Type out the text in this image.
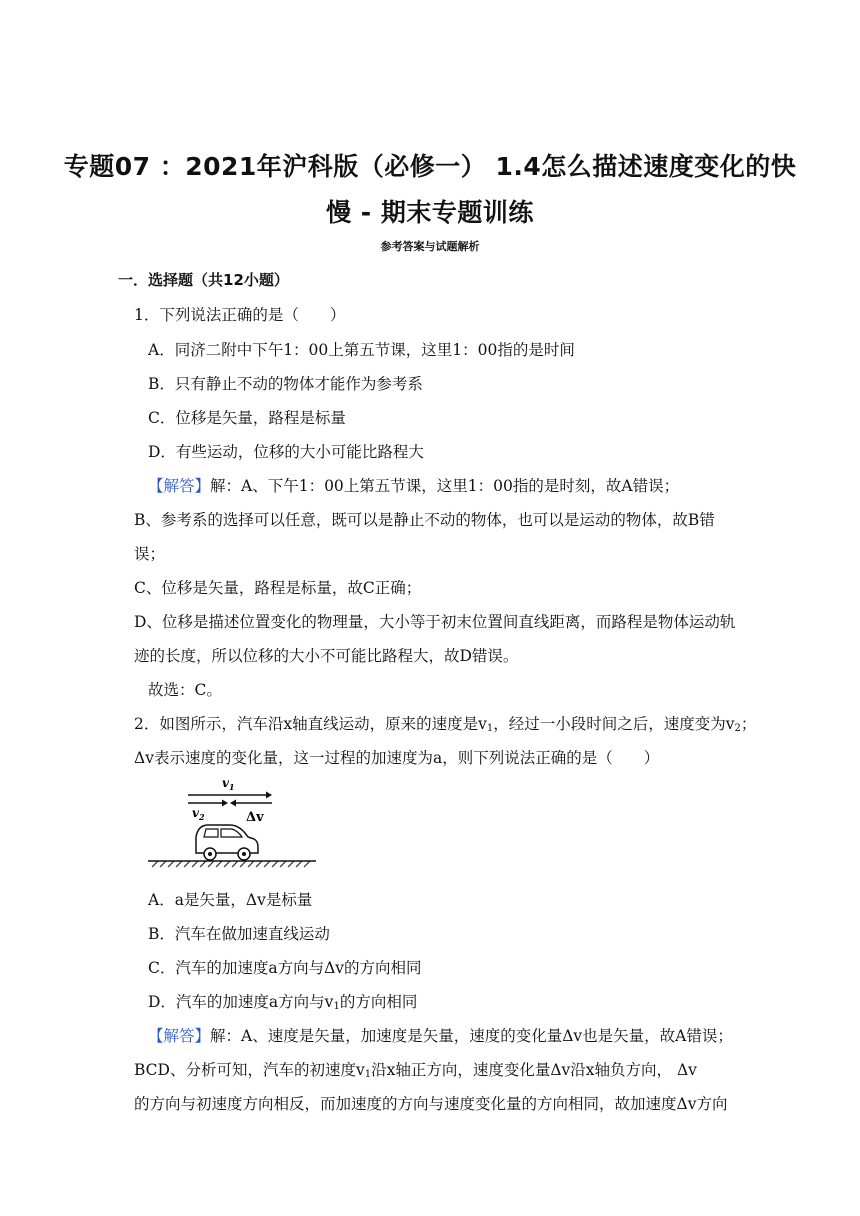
专题07 ：2021年沪科版（必修一） 1.4怎么描述速度变化的快
慢 - 期末专题训练
参考答案与试题解析
一．选择题（共12小题）
1．下列说法正确的是（　　）
A．同济二附中下午1：00上第五节课，这里1：00指的是时间
B．只有静止不动的物体才能作为参考系
C．位移是矢量，路程是标量
D．有些运动，位移的大小可能比路程大
【解答】解：A、下午1：00上第五节课，这里1：00指的是时刻，故A错误；
B、参考系的选择可以任意，既可以是静止不动的物体，也可以是运动的物体，故B错
误；
C、位移是矢量，路程是标量，故C正确；
D、位移是描述位置变化的物理量，大小等于初末位置间直线距离，而路程是物体运动轨
迹的长度，所以位移的大小不可能比路程大，故D错误。
故选：C。
2．如图所示，汽车沿x轴直线运动，原来的速度是$v_1$，经过一小段时间之后，速度变为$v_2$；
Δv表示速度的变化量，这一过程的加速度为a，则下列说法正确的是（　　）
$v_1$
$v_2$	Δv
A．a是矢量，Δv是标量
B．汽车在做加速直线运动
C．汽车的加速度a方向与Δv的方向相同
D．汽车的加速度a方向与$v_1$的方向相同
【解答】解：A、速度是矢量，加速度是矢量，速度的变化量Δv也是矢量，故A错误；
BCD、分析可知，汽车的初速度$v_1$沿x轴正方向，速度变化量Δv沿x轴负方向， Δv
的方向与初速度方向相反，而加速度的方向与速度变化量的方向相同，故加速度Δv方向
